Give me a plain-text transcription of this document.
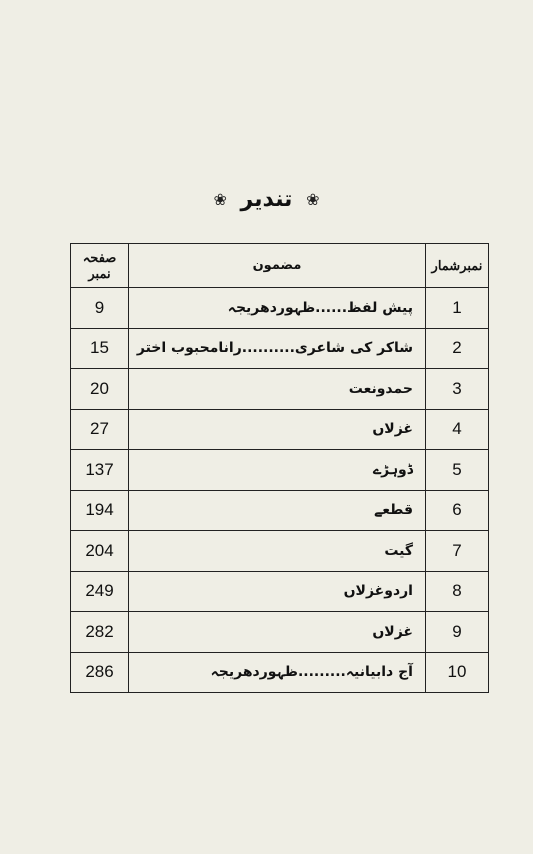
❀ تندیر ❀
نمبرشمار	مضمون	صفحہ نمبر
1	پیش لفظ......ظہوردھریجہ	9
2	شاکر کی شاعری..........رانامحبوب اختر	15
3	حمدونعت	20
4	غزلاں	27
5	ڈوہڑے	137
6	قطعے	194
7	گیت	204
8	اردوغزلاں	249
9	غزلاں	282
10	آج دابیانیہ.........ظہوردھریجہ	286
